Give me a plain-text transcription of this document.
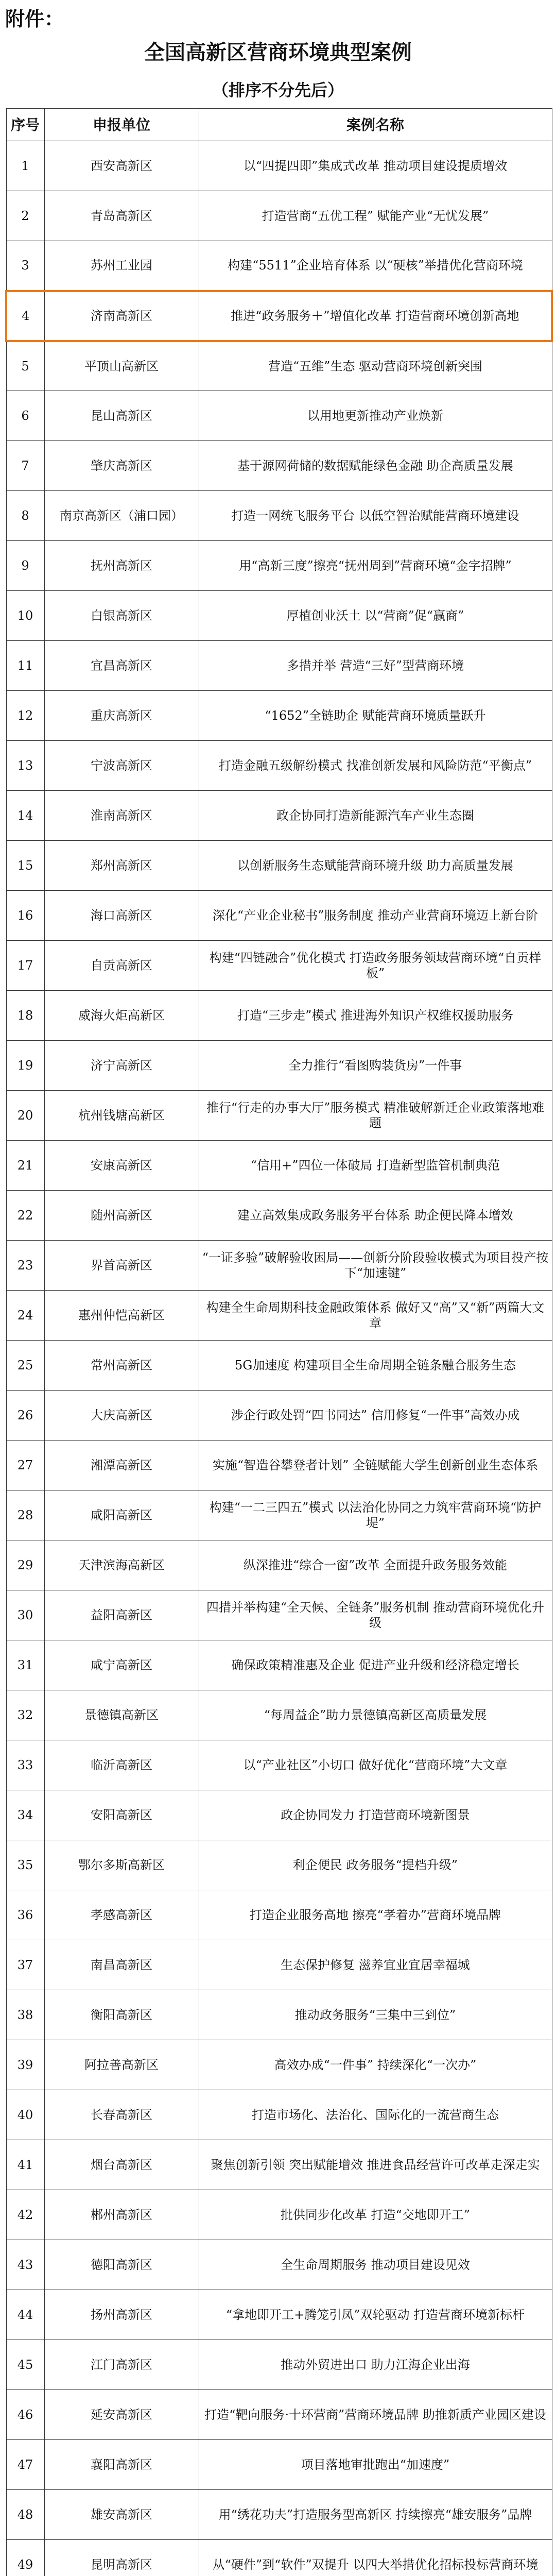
附件：
全国高新区营商环境典型案例
（排序不分先后）
序号	申报单位	案例名称
1	西安高新区	以“四提四即”集成式改革 推动项目建设提质增效
2	青岛高新区	打造营商“五优工程” 赋能产业“无忧发展”
3	苏州工业园	构建“5511”企业培育体系 以“硬核”举措优化营商环境
4	济南高新区	推进“政务服务＋”增值化改革 打造营商环境创新高地
5	平顶山高新区	营造“五维”生态 驱动营商环境创新突围
6	昆山高新区	以用地更新推动产业焕新
7	肇庆高新区	基于源网荷储的数据赋能绿色金融 助企高质量发展
8	南京高新区（浦口园）	打造一网统飞服务平台 以低空智治赋能营商环境建设
9	抚州高新区	用“高新三度”擦亮“抚州周到”营商环境“金字招牌”
10	白银高新区	厚植创业沃土 以“营商”促“赢商”
11	宜昌高新区	多措并举 营造“三好”型营商环境
12	重庆高新区	“1652”全链助企 赋能营商环境质量跃升
13	宁波高新区	打造金融五级解纷模式 找准创新发展和风险防范“平衡点”
14	淮南高新区	政企协同打造新能源汽车产业生态圈
15	郑州高新区	以创新服务生态赋能营商环境升级 助力高质量发展
16	海口高新区	深化“产业企业秘书”服务制度 推动产业营商环境迈上新台阶
17	自贡高新区	构建“四链融合”优化模式 打造政务服务领域营商环境“自贡样板”
18	威海火炬高新区	打造“三步走”模式 推进海外知识产权维权援助服务
19	济宁高新区	全力推行“看图购装货房”一件事
20	杭州钱塘高新区	推行“行走的办事大厅”服务模式 精准破解新迁企业政策落地难题
21	安康高新区	“信用+”四位一体破局 打造新型监管机制典范
22	随州高新区	建立高效集成政务服务平台体系 助企便民降本增效
23	界首高新区	“一证多验”破解验收困局——创新分阶段验收模式为项目投产按下“加速键”
24	惠州仲恺高新区	构建全生命周期科技金融政策体系 做好又“高”又“新”两篇大文章
25	常州高新区	5G加速度 构建项目全生命周期全链条融合服务生态
26	大庆高新区	涉企行政处罚“四书同达” 信用修复“一件事”高效办成
27	湘潭高新区	实施“智造谷攀登者计划” 全链赋能大学生创新创业生态体系
28	咸阳高新区	构建“一二三四五”模式 以法治化协同之力筑牢营商环境“防护堤”
29	天津滨海高新区	纵深推进“综合一窗”改革 全面提升政务服务效能
30	益阳高新区	四措并举构建“全天候、全链条”服务机制 推动营商环境优化升级
31	咸宁高新区	确保政策精准惠及企业 促进产业升级和经济稳定增长
32	景德镇高新区	“每周益企”助力景德镇高新区高质量发展
33	临沂高新区	以“产业社区”小切口 做好优化“营商环境”大文章
34	安阳高新区	政企协同发力 打造营商环境新图景
35	鄂尔多斯高新区	利企便民 政务服务“提档升级”
36	孝感高新区	打造企业服务高地 擦亮“孝着办”营商环境品牌
37	南昌高新区	生态保护修复 滋养宜业宜居幸福城
38	衡阳高新区	推动政务服务“三集中三到位”
39	阿拉善高新区	高效办成“一件事” 持续深化“一次办”
40	长春高新区	打造市场化、法治化、国际化的一流营商生态
41	烟台高新区	聚焦创新引领 突出赋能增效 推进食品经营许可改革走深走实
42	郴州高新区	批供同步化改革 打造“交地即开工”
43	德阳高新区	全生命周期服务 推动项目建设见效
44	扬州高新区	“拿地即开工+腾笼引凤”双轮驱动 打造营商环境新标杆
45	江门高新区	推动外贸进出口 助力江海企业出海
46	延安高新区	打造“靶向服务·十环营商”营商环境品牌 助推新质产业园区建设
47	襄阳高新区	项目落地审批跑出“加速度”
48	雄安高新区	用“绣花功夫”打造服务型高新区 持续擦亮“雄安服务”品牌
49	昆明高新区	从“硬件”到“软件”双提升 以四大举措优化招标投标营商环境
